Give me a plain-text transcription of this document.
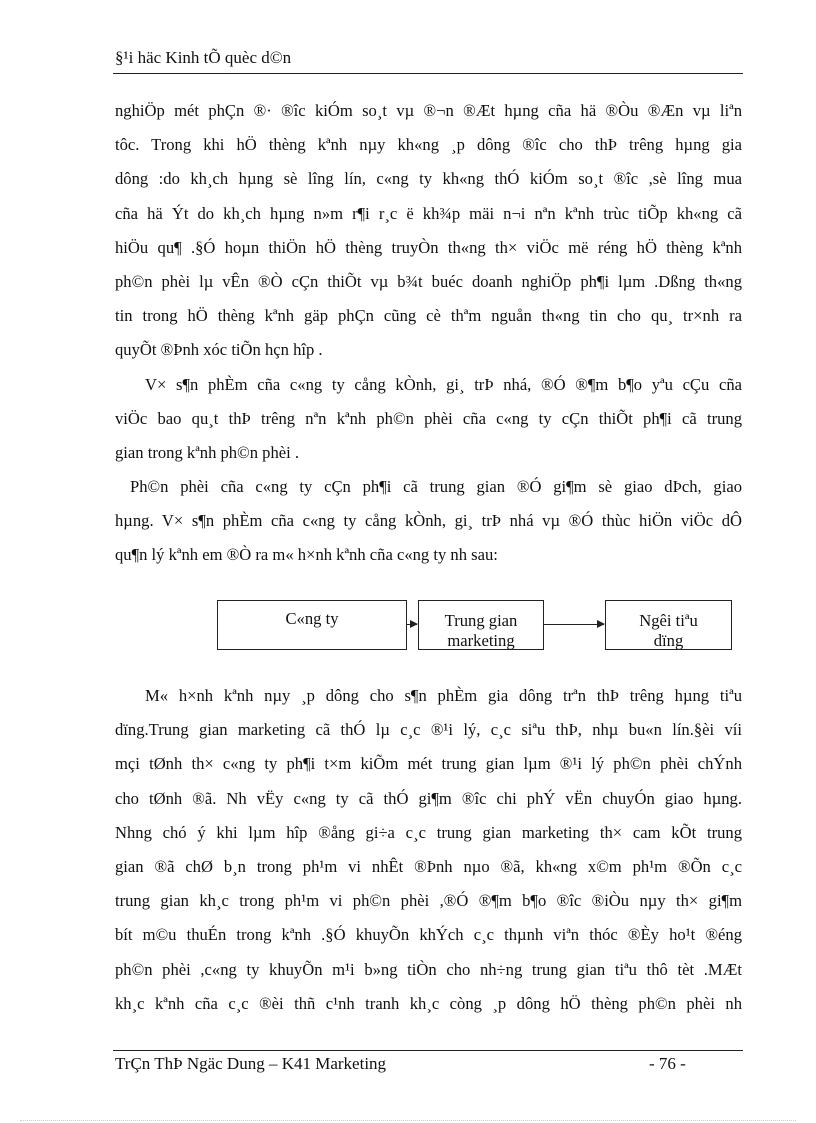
§¹i häc Kinh tÕ quèc d©n
nghiÖp mét phÇn ®· ®îc kiÓm so¸t vµ ®¬n ®Æt hµng cña hä ®Òu ®Æn vµ liªn
tôc. Trong khi hÖ thèng kªnh nµy kh«ng ¸p dông ®îc cho thÞ trêng hµng gia
dông :do kh¸ch hµng sè lîng lín, c«ng ty kh«ng thÓ kiÓm so¸t ®îc ,sè lîng mua
cña hä Ýt do kh¸ch hµng n»m r¶i r¸c ë kh¾p mäi n¬i nªn kªnh trùc tiÕp kh«ng cã
hiÖu qu¶ .§Ó hoµn thiÖn hÖ thèng truyÒn th«ng th× viÖc më réng hÖ thèng kªnh
ph©n phèi lµ vÊn ®Ò cÇn thiÕt vµ b¾t buéc doanh nghiÖp ph¶i lµm .Dßng th«ng
tin trong hÖ thèng kªnh gäp phÇn cũng cè thªm nguån th«ng tin cho qu¸ tr×nh ra
quyÕt ®Þnh xóc tiÕn hçn hîp .
V× s¶n phÈm cña c«ng ty cång kÒnh, gi¸ trÞ nhá, ®Ó ®¶m b¶o yªu cÇu cña
viÖc bao qu¸t thÞ trêng nªn kªnh ph©n phèi cña c«ng ty cÇn thiÕt ph¶i cã trung
gian trong kªnh ph©n phèi .
Ph©n phèi cña c«ng ty cÇn ph¶i cã trung gian ®Ó gi¶m sè giao dÞch, giao
hµng. V× s¶n phÈm cña c«ng ty cång kÒnh, gi¸ trÞ nhá vµ ®Ó thùc hiÖn viÖc dÔ
qu¶n lý kªnh em ®Ò ra m« h×nh kªnh cña c«ng ty nh sau:
C«ng ty	Trung gian
marketing
Ngêi tiªu
dïng
M« h×nh kªnh nµy ¸p dông cho s¶n phÈm gia dông trªn thÞ trêng hµng tiªu
dïng.Trung gian marketing cã thÓ lµ c¸c ®¹i lý, c¸c siªu thÞ, nhµ bu«n lín.§èi víi
mçi tØnh th× c«ng ty ph¶i t×m kiÕm mét trung gian lµm ®¹i lý ph©n phèi chÝnh
cho tØnh ®ã. Nh vËy c«ng ty cã thÓ gi¶m ®îc chi phÝ vËn chuyÓn giao hµng.
Nhng chó ý khi lµm hîp ®ång gi÷a c¸c trung gian marketing th× cam kÕt trung
gian ®ã chØ b¸n trong ph¹m vi nhÊt ®Þnh nµo ®ã, kh«ng x©m ph¹m ®Õn c¸c
trung gian kh¸c trong ph¹m vi ph©n phèi ,®Ó ®¶m b¶o ®îc ®iÒu nµy th× gi¶m
bít m©u thuÉn trong kªnh .§Ó khuyÕn khÝch c¸c thµnh viªn thóc ®Èy ho¹t ®éng
ph©n phèi ,c«ng ty khuyÕn m¹i b»ng tiÒn cho nh÷ng trung gian tiªu thô tèt .MÆt
kh¸c kªnh cña c¸c ®èi thñ c¹nh tranh kh¸c còng ¸p dông hÖ thèng ph©n phèi nh
TrÇn ThÞ Ngäc Dung – K41 Marketing	- 76 -
